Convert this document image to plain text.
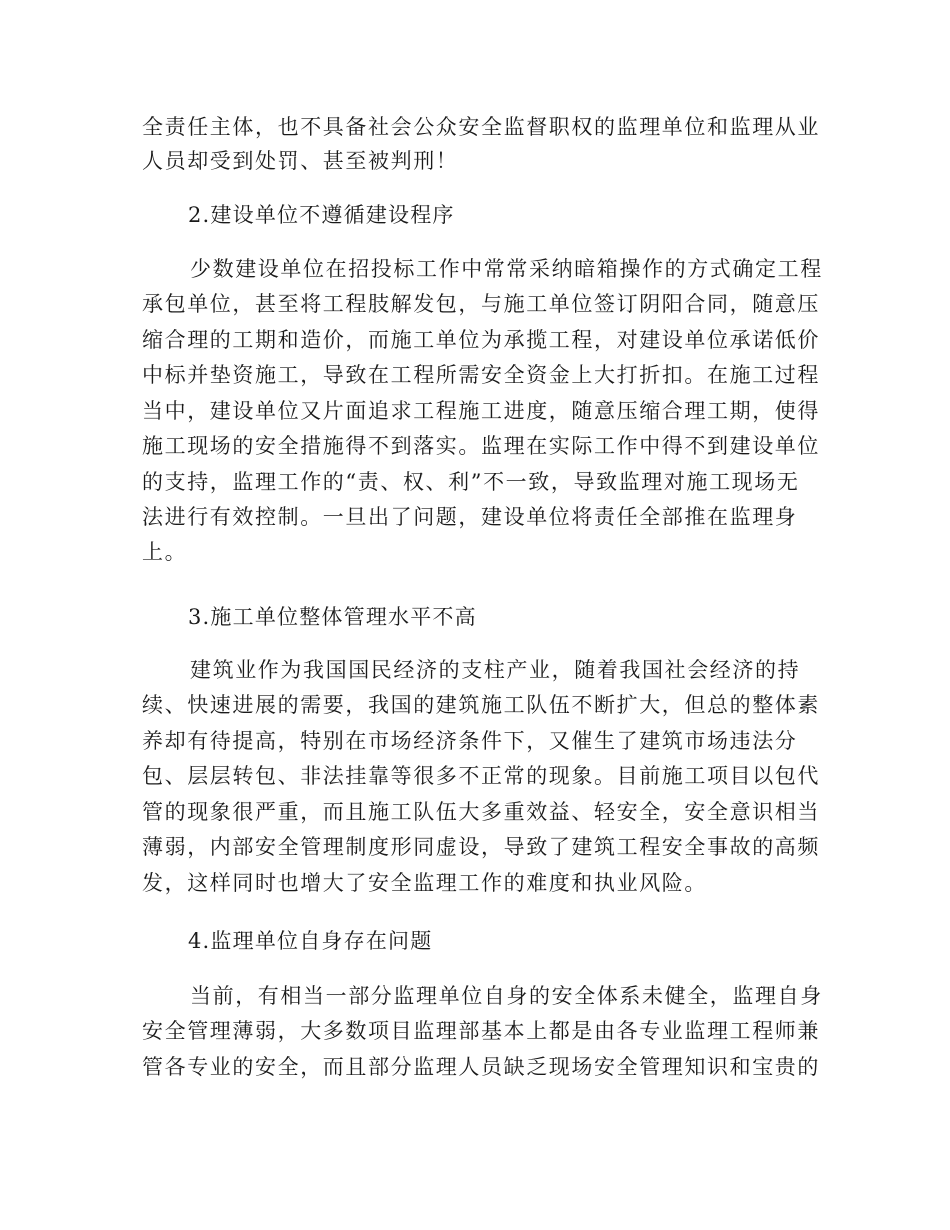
全责任主体，也不具备社会公众安全监督职权的监理单位和监理从业
人员却受到处罚、甚至被判刑！
2.建设单位不遵循建设程序
少数建设单位在招投标工作中常常采纳暗箱操作的方式确定工程
承包单位，甚至将工程肢解发包，与施工单位签订阴阳合同，随意压
缩合理的工期和造价，而施工单位为承揽工程，对建设单位承诺低价
中标并垫资施工，导致在工程所需安全资金上大打折扣。在施工过程
当中，建设单位又片面追求工程施工进度，随意压缩合理工期，使得
施工现场的安全措施得不到落实。监理在实际工作中得不到建设单位
的支持，监理工作的“责、权、利”不一致，导致监理对施工现场无
法进行有效控制。一旦出了问题，建设单位将责任全部推在监理身
上。
3.施工单位整体管理水平不高
建筑业作为我国国民经济的支柱产业，随着我国社会经济的持
续、快速进展的需要，我国的建筑施工队伍不断扩大，但总的整体素
养却有待提高，特别在市场经济条件下，又催生了建筑市场违法分
包、层层转包、非法挂靠等很多不正常的现象。目前施工项目以包代
管的现象很严重，而且施工队伍大多重效益、轻安全，安全意识相当
薄弱，内部安全管理制度形同虚设，导致了建筑工程安全事故的高频
发，这样同时也增大了安全监理工作的难度和执业风险。
4.监理单位自身存在问题
当前，有相当一部分监理单位自身的安全体系未健全，监理自身
安全管理薄弱，大多数项目监理部基本上都是由各专业监理工程师兼
管各专业的安全，而且部分监理人员缺乏现场安全管理知识和宝贵的
